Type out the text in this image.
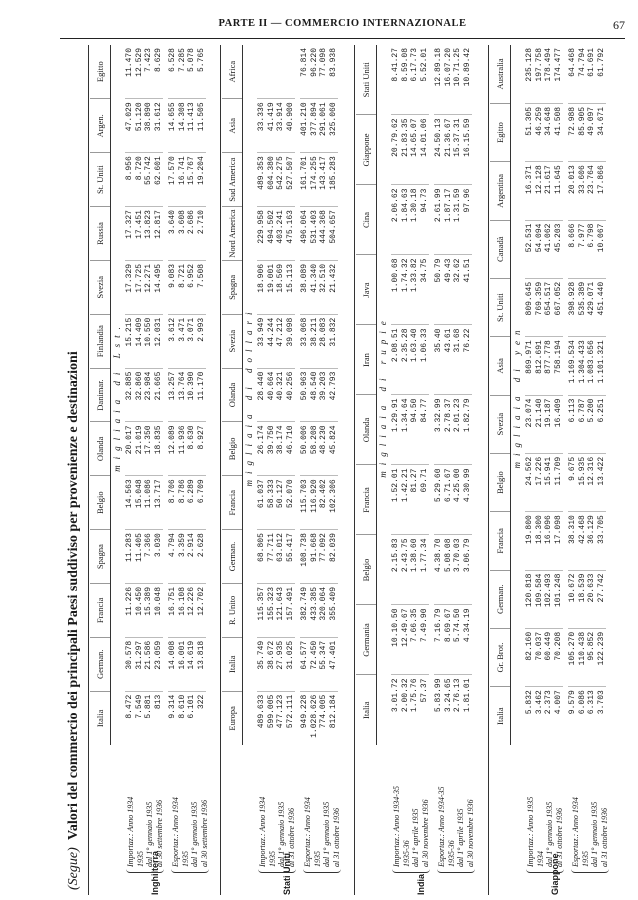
PARTE II — COMMERCIO INTERNAZIONALE	67
(Segue) Valori del commercio dei principali Paesi suddiviso per provenienze e destinazioni
Inghilterra
Importaz.: Anno 1934 1935 dal 1° gennaio 1935 al 30 settembre 1936 Esportaz.: Anno 1934 1935 dal 1° gennaio 1935 al 30 settembre 1936
Italia	German.	Francia	Spagna	Belgio	Olanda	Danimar.	Finlandia	Svezia	Russia	St. Uniti	Argen.	Egitto
migliaia di Lst.												
8.472	30.578	11.226	11.283	14.563	20.017	32.885	15.215	17.329	17.327	8.956	47.029	11.470
7.549	31.297	10.450	11.405	15.048	21.019	32.860	14.409	17.725	17.451	8.720	51.120	12.529
5.881	21.586	15.389	7.366	11.086	17.350	23.984	10.550	12.271	13.823	55.742	38.890	7.423
813	23.059	10.048	3.030	13.717	18.835	21.665	12.031	14.495	12.817	62.601	31.612	8.629

9.314	14.008	16.751	4.794	8.706	12.089	13.257	3.612	9.083	3.640	17.570	14.655	6.528
8.610	16.001	16.108	3.359	8.786	11.936	13.764	3.471	8.721	3.608	16.741	14.308	7.285
6.101	14.619	12.226	2.914	6.289	8.630	10.390	3.071	6.952	2.686	15.767	11.413	5.078
322	13.818	12.702	2.628	6.709	8.927	11.170	2.993	7.508	2.710	19.204	11.505	5.765
Stati Uniti
Importaz.: Anno 1934 1935 dal 1° gennaio 1935 al 31 ottobre 1936 Esportaz.: Anno 1934 1935 dal 1° gennaio 1935 al 31 ottobre 1936
Europa	Italia	R. Unito	German.	Francia	Belgio	Olanda	Svezia	Spagna	Nord America	Sud America	Asia	Africa
migliaia di dollari												
489.633	35.749	115.357	68.805	61.037	26.174	28.440	33.949	18.906	229.958	489.353	33.336	
599.005	38.672	155.323	77.711	58.333	39.750	40.664	44.244	19.001	494.502	604.380	41.419	
477.123	27.935	121.643	63.012	50.127	38.174	40.321	47.212	18.569	403.241	542.275	33.914	
572.111	31.025	157.491	55.417	52.070	46.710	40.256	39.098	15.113	475.163	527.507	40.900	

949.228	64.577	382.749	108.738	115.703	50.006	50.963	33.068	38.089	496.064	161.701	401.210	76.814
1.028.626	72.450	433.385	91.668	116.920	58.208	48.540	38.211	41.340	531.403	174.255	377.894	96.220
774.005	55.347	320.064	77.092	82.402	48.230	39.203	28.083	32.510	444.368	143.417	291.061	77.098
812.184	47.401	355.409	82.039	102.306	45.824	42.793	31.832	21.432	504.657	185.283	325.060	83.938
India
Importaz.: Anno 1934-35 1935-36 dal 1° aprile 1935 al 30 novembre 1936 Esportaz.: Anno 1934-35 1935-36 dal 1° aprile 1935 al 30 novembre 1936
Italia	Germania	Belgio	Francia	Olanda	Iran	Java	Cina	Giappone	Stati Uniti
migliaia di rupie									
3.01.72	10.10.50	2.15.83	1.52.01	1.29.91	2.08.51	1.00.68	2.06.62	20.79.62	8.41.27
2.00.32	12.49.67	2.43.75	1.42.21	1.34.64	2.35.28	1.74.32	1.84.63	21.83.35	8.59.08
1.75.76	7.66.35	1.38.60	81.27	94.50	1.63.40	1.33.82	1.30.18	14.65.07	6.17.73
57.37	7.49.90	1.77.34	69.71	84.77	1.06.33	34.75	94.73	14.01.06	5.52.01

5.83.99	7.16.79	4.38.70	5.29.60	3.32.99	35.40	50.79	2.61.99	24.50.13	12.89.18
3.24.65	8.69.67	5.08.08	6.71.67	2.78.37	43.61	49.43	1.87.17	21.36.67	16.07.20
2.76.13	5.74.50	3.70.03	4.25.00	2.01.23	31.68	32.62	1.31.59	15.37.31	10.71.25
1.81.01	4.34.19	3.06.79	4.30.99	1.82.79	76.22	41.51	97.96	16.15.59	10.89.42
Giappone
Importaz.: Anno 1935 1934 dal 1° gennaio 1935 al 31 ottobre 1936 Esportaz.: Anno 1934 1935 dal 1° gennaio 1935 al 31 ottobre 1936
Italia	Gr. Brot.	German.	Francia	Belgio	Svezia	Asia	St. Uniti	Canadà	Argentina	Egitto	Australia
migliaia di yen											
5.832	82.160	120.818	19.800	24.562	23.074	869.971	809.645	52.531	16.371	51.305	235.128
3.462	70.037	109.584	18.300	17.226	21.140	812.691	769.359	54.094	12.128	46.259	197.758
2.373	60.449	102.493	16.096	15.941	19.187	877.778	654.517	41.062	21.617	34.648	178.494
4.007	70.208	101.248	17.098	11.709	16.409	758.194	667.052	45.203	11.645	41.508	174.477

9.579	105.270	10.672	38.310	9.675	6.113	1.169.534	398.928	8.666	20.013	72.988	64.468
6.086	110.438	18.539	42.468	15.935	6.787	1.304.433	535.389	7.977	33.606	85.905	74.794
6.313	95.852	20.633	36.129	12.316	5.200	1.083.656	429.071	6.798	23.764	49.097	61.691
3.703	122.239	27.742	33.705	13.422	6.251	1.101.321	451.440	10.067	17.866	34.671	61.792
